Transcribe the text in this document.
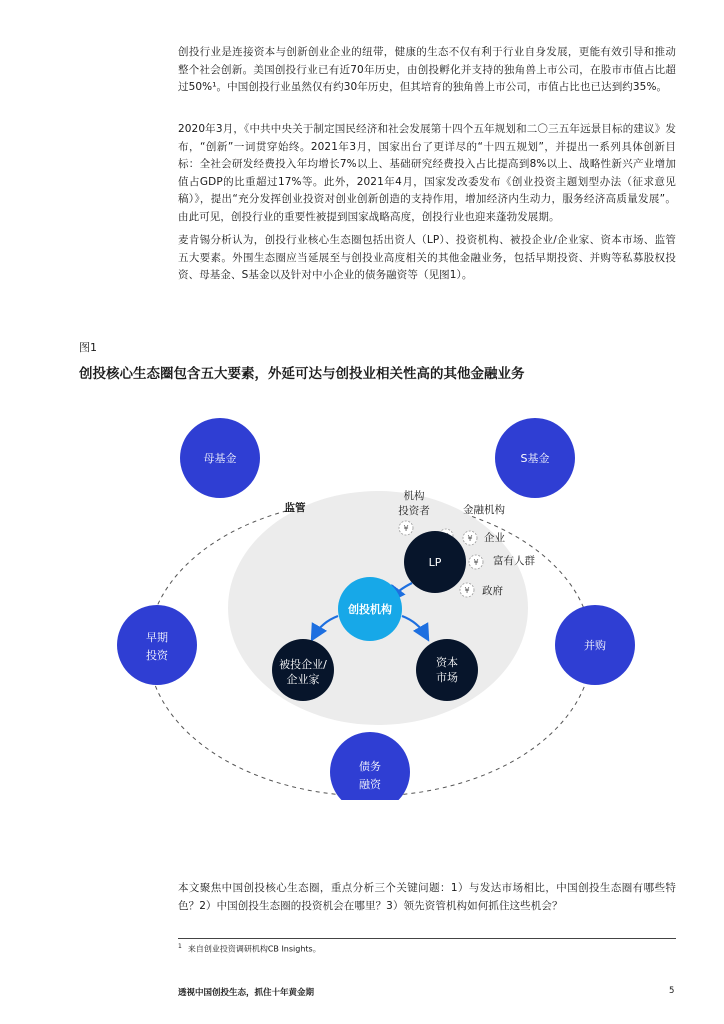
创投行业是连接资本与创新创业企业的纽带，健康的生态不仅有利于行业自身发展，更能有效引导和推动整个社会创新。美国创投行业已有近70年历史，由创投孵化并支持的独角兽上市公司，在股市市值占比超过50%¹。中国创投行业虽然仅有约30年历史，但其培育的独角兽上市公司，市值占比也已达到约35%。

2020年3月，《中共中央关于制定国民经济和社会发展第十四个五年规划和二〇三五年远景目标的建议》发布，“创新”一词贯穿始终。2021年3月，国家出台了更详尽的“十四五规划”，并提出一系列具体创新目标：全社会研发经费投入年均增长7%以上、基础研究经费投入占比提高到8%以上、战略性新兴产业增加值占GDP的比重超过17%等。此外，2021年4月，国家发改委发布《创业投资主题划型办法（征求意见稿）》，提出“充分发挥创业投资对创业创新创造的支持作用，增加经济内生动力，服务经济高质量发展”。由此可见，创投行业的重要性被提到国家战略高度，创投行业也迎来蓬勃发展期。

麦肯锡分析认为，创投行业核心生态圈包括出资人（LP）、投资机构、被投企业/企业家、资本市场、监管五大要素。外围生态圈应当延展至与创投业高度相关的其他金融业务，包括早期投资、并购等私募股权投资、母基金、S基金以及针对中小企业的债务融资等（见图1）。

图1

创投核心生态圈包含五大要素，外延可达与创投业相关性高的其他金融业务

母基金	S基金
早期
投资
并购
债务
融资
监管
机构
投资者	金融机构
企业
富有人群
政府
¥
¥
¥
¥
LP
创投机构
被投企业/
企业家
资本
市场

本文聚焦中国创投核心生态圈，重点分析三个关键问题：1）与发达市场相比，中国创投生态圈有哪些特色？2）中国创投生态圈的投资机会在哪里？3）领先资管机构如何抓住这些机会？

$^1$ 来自创业投资调研机构CB Insights。
透视中国创投生态，抓住十年黄金期	5
